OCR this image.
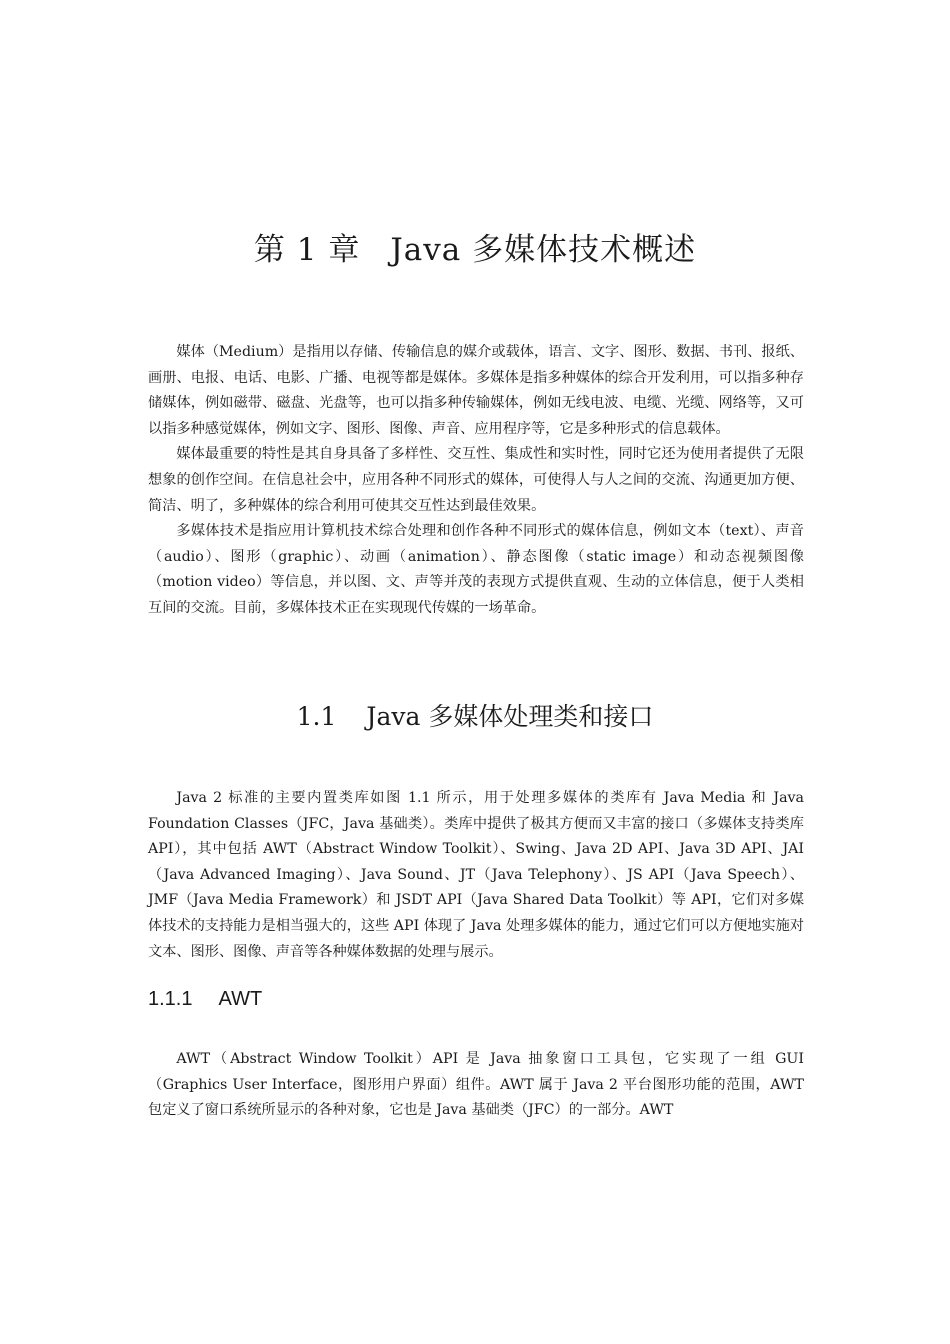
第 1 章 Java 多媒体技术概述

媒体（Medium）是指用以存储、传输信息的媒介或载体，语言、文字、图形、数据、书刊、报纸、画册、电报、电话、电影、广播、电视等都是媒体。多媒体是指多种媒体的综合开发利用，可以指多种存储媒体，例如磁带、磁盘、光盘等，也可以指多种传输媒体，例如无线电波、电缆、光缆、网络等，又可以指多种感觉媒体，例如文字、图形、图像、声音、应用程序等，它是多种形式的信息载体。

媒体最重要的特性是其自身具备了多样性、交互性、集成性和实时性，同时它还为使用者提供了无限想象的创作空间。在信息社会中，应用各种不同形式的媒体，可使得人与人之间的交流、沟通更加方便、简洁、明了，多种媒体的综合利用可使其交互性达到最佳效果。

多媒体技术是指应用计算机技术综合处理和创作各种不同形式的媒体信息，例如文本（text）、声音（audio）、图形（graphic）、动画（animation）、静态图像（static image）和动态视频图像（motion video）等信息，并以图、文、声等并茂的表现方式提供直观、生动的立体信息，便于人类相互间的交流。目前，多媒体技术正在实现现代传媒的一场革命。

1.1 Java 多媒体处理类和接口

Java 2 标准的主要内置类库如图 1.1 所示，用于处理多媒体的类库有 Java Media 和 Java Foundation Classes（JFC，Java 基础类）。类库中提供了极其方便而又丰富的接口（多媒体支持类库 API），其中包括 AWT（Abstract Window Toolkit）、Swing、Java 2D API、Java 3D API、JAI（Java Advanced Imaging）、Java Sound、JT（Java Telephony）、JS API（Java Speech）、JMF（Java Media Framework）和 JSDT API（Java Shared Data Toolkit）等 API，它们对多媒体技术的支持能力是相当强大的，这些 API 体现了 Java 处理多媒体的能力，通过它们可以方便地实施对文本、图形、图像、声音等各种媒体数据的处理与展示。

1.1.1 AWT

AWT（Abstract Window Toolkit）API 是 Java 抽象窗口工具包，它实现了一组 GUI（Graphics User Interface，图形用户界面）组件。AWT 属于 Java 2 平台图形功能的范围，AWT 包定义了窗口系统所显示的各种对象，它也是 Java 基础类（JFC）的一部分。AWT
